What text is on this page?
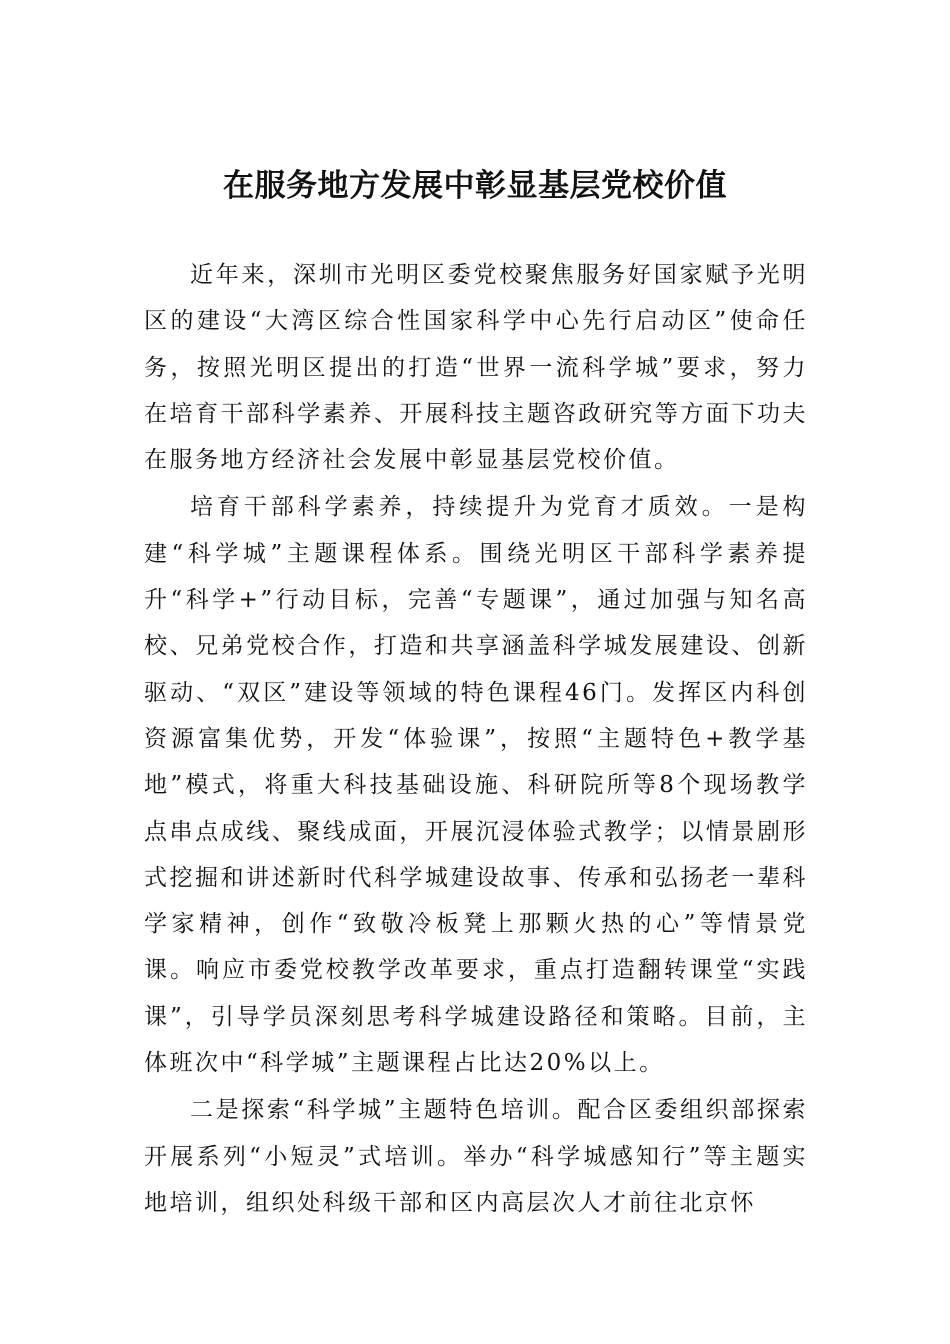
在服务地方发展中彰显基层党校价值

近年来，深圳市光明区委党校聚焦服务好国家赋予光明区的建设“大湾区综合性国家科学中心先行启动区”使命任务，按照光明区提出的打造“世界一流科学城”要求，努力在培育干部科学素养、开展科技主题咨政研究等方面下功夫在服务地方经济社会发展中彰显基层党校价值。

培育干部科学素养，持续提升为党育才质效。一是构建“科学城”主题课程体系。围绕光明区干部科学素养提升“科学+”行动目标，完善“专题课”，通过加强与知名高校、兄弟党校合作，打造和共享涵盖科学城发展建设、创新驱动、“双区”建设等领域的特色课程46门。发挥区内科创资源富集优势，开发“体验课”，按照“主题特色+教学基地”模式，将重大科技基础设施、科研院所等8个现场教学点串点成线、聚线成面，开展沉浸体验式教学；以情景剧形式挖掘和讲述新时代科学城建设故事、传承和弘扬老一辈科学家精神，创作“致敬冷板凳上那颗火热的心”等情景党课。响应市委党校教学改革要求，重点打造翻转课堂“实践课”，引导学员深刻思考科学城建设路径和策略。目前，主体班次中“科学城”主题课程占比达20%以上。

二是探索“科学城”主题特色培训。配合区委组织部探索开展系列“小短灵”式培训。举办“科学城感知行”等主题实地培训，组织处科级干部和区内高层次人才前往北京怀
